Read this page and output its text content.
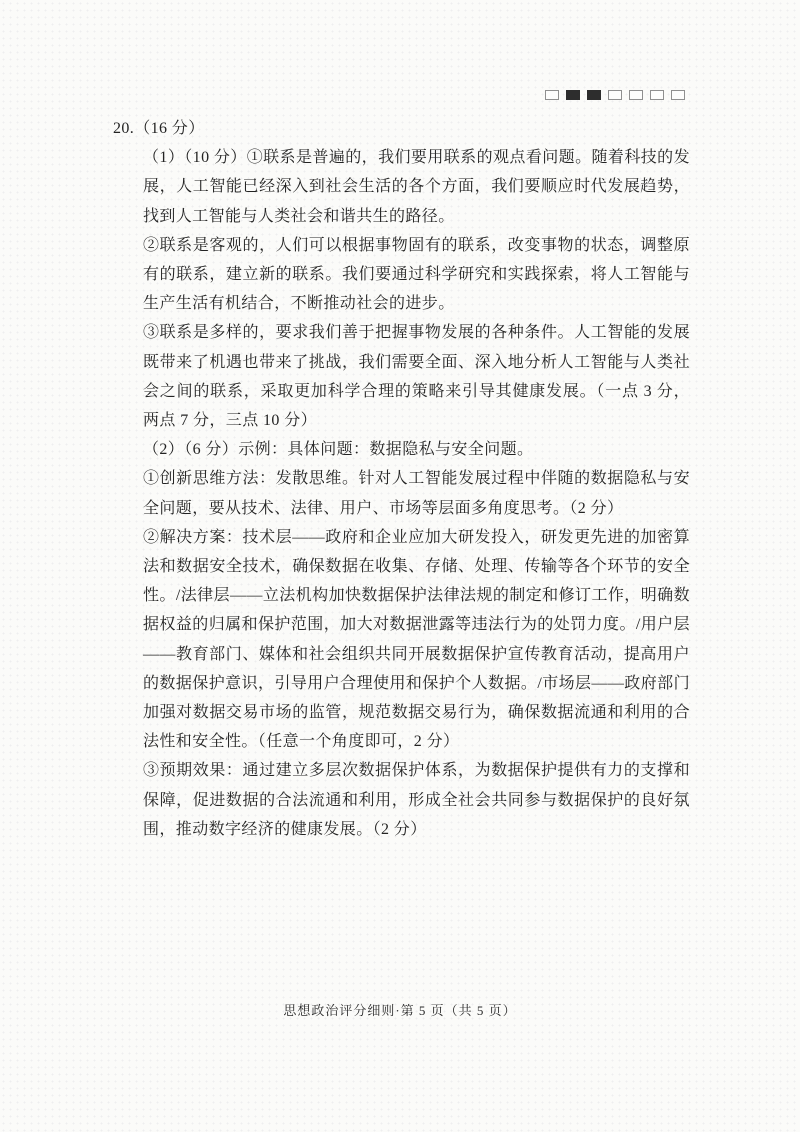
20.（16 分）

（1）（10 分）①联系是普遍的，我们要用联系的观点看问题。随着科技的发展，人工智能已经深入到社会生活的各个方面，我们要顺应时代发展趋势，找到人工智能与人类社会和谐共生的路径。

②联系是客观的，人们可以根据事物固有的联系，改变事物的状态，调整原有的联系，建立新的联系。我们要通过科学研究和实践探索，将人工智能与生产生活有机结合，不断推动社会的进步。

③联系是多样的，要求我们善于把握事物发展的各种条件。人工智能的发展既带来了机遇也带来了挑战，我们需要全面、深入地分析人工智能与人类社会之间的联系，采取更加科学合理的策略来引导其健康发展。（一点 3 分，两点 7 分，三点 10 分）

（2）（6 分）示例：具体问题：数据隐私与安全问题。

①创新思维方法：发散思维。针对人工智能发展过程中伴随的数据隐私与安全问题，要从技术、法律、用户、市场等层面多角度思考。（2 分）

②解决方案：技术层——政府和企业应加大研发投入，研发更先进的加密算法和数据安全技术，确保数据在收集、存储、处理、传输等各个环节的安全性。/法律层——立法机构加快数据保护法律法规的制定和修订工作，明确数据权益的归属和保护范围，加大对数据泄露等违法行为的处罚力度。/用户层——教育部门、媒体和社会组织共同开展数据保护宣传教育活动，提高用户的数据保护意识，引导用户合理使用和保护个人数据。/市场层——政府部门加强对数据交易市场的监管，规范数据交易行为，确保数据流通和利用的合法性和安全性。（任意一个角度即可，2 分）

③预期效果：通过建立多层次数据保护体系，为数据保护提供有力的支撑和保障，促进数据的合法流通和利用，形成全社会共同参与数据保护的良好氛围，推动数字经济的健康发展。（2 分）

思想政治评分细则·第 5 页（共 5 页）
